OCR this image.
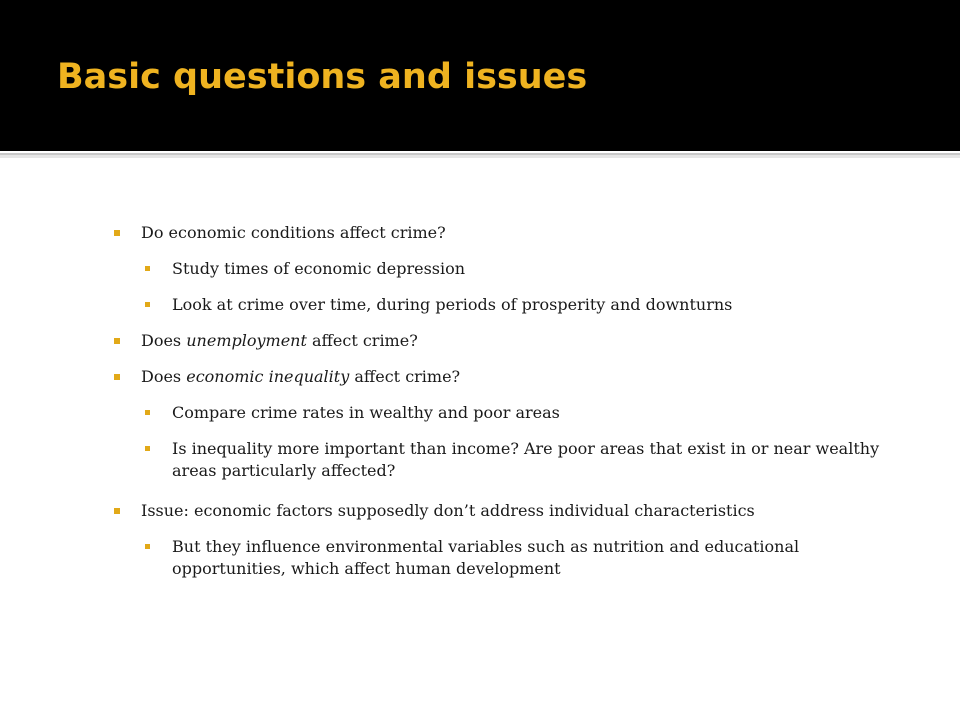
Basic questions and issues
Do economic conditions affect crime?
Study times of economic depression
Look at crime over time, during periods of prosperity and downturns
Does unemployment affect crime?
Does economic inequality affect crime?
Compare crime rates in wealthy and poor areas
Is inequality more important than income? Are poor areas that exist in or near wealthy areas particularly affected?
Issue: economic factors supposedly don’t address individual characteristics
But they influence environmental variables such as nutrition and educational opportunities, which affect human development
